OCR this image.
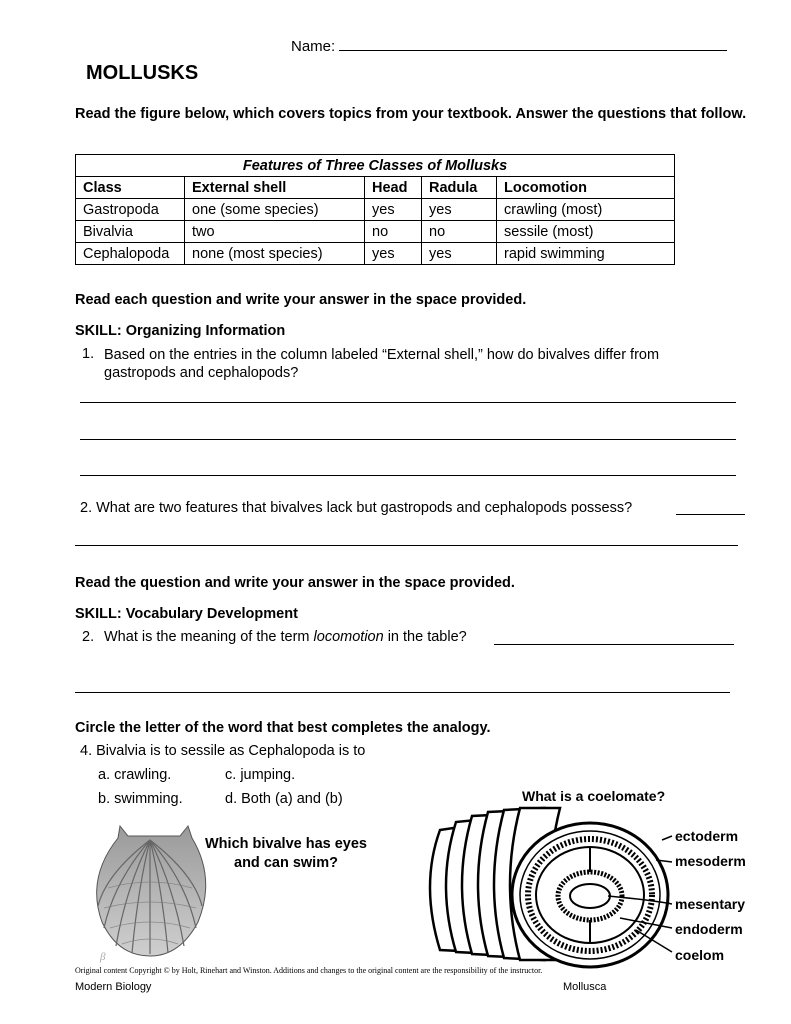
Name:
MOLLUSKS
Read the figure below, which covers topics from your textbook. Answer the questions that follow.
Features of Three Classes of Mollusks				
Class	External shell	Head	Radula	Locomotion
Gastropoda	one (some species)	yes	yes	crawling (most)
Bivalvia	two	no	no	sessile (most)
Cephalopoda	none (most species)	yes	yes	rapid swimming
Read each question and write your answer in the space provided.
SKILL: Organizing Information
1. Based on the entries in the column labeled “External shell,” how do bivalves differ from gastropods and cephalopods?
2. What are two features that bivalves lack but gastropods and cephalopods possess?
Read the question and write your answer in the space provided.
SKILL: Vocabulary Development
2. What is the meaning of the term locomotion in the table?
Circle the letter of the word that best completes the analogy.
4. Bivalvia is to sessile as Cephalopoda is to
a. crawling.	c. jumping.
b. swimming.	d. Both (a) and (b)
β
Which bivalve has eyes and can swim?
What is a coelomate?
ectoderm
mesoderm
mesentary
endoderm
coelom
Original content Copyright © by Holt, Rinehart and Winston. Additions and changes to the original content are the responsibility of the instructor.
Modern Biology	Mollusca
